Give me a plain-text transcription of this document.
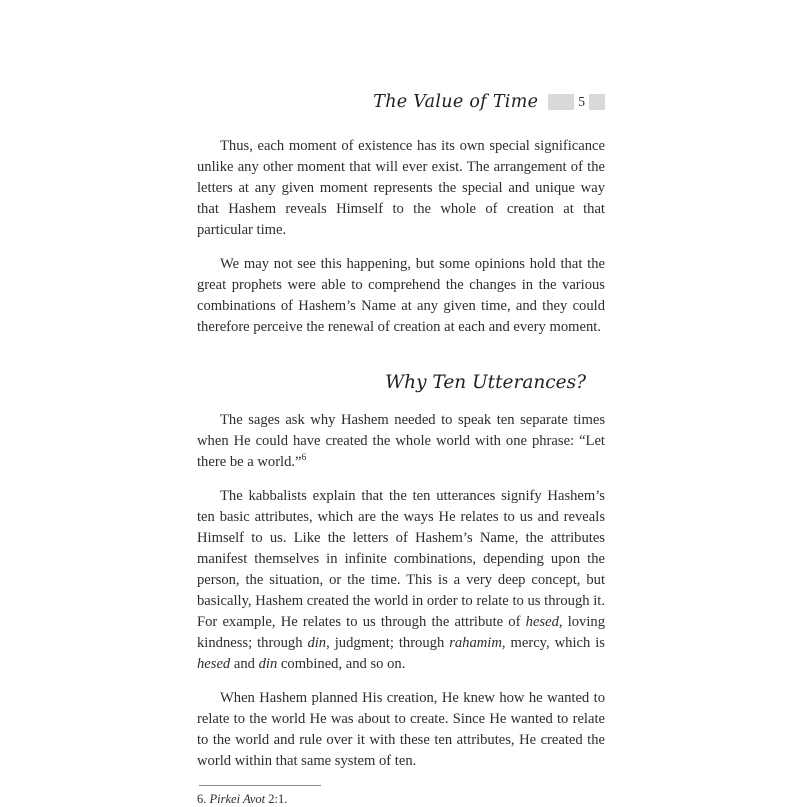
The Value of Time	5

Thus, each moment of existence has its own special significance unlike any other moment that will ever exist. The arrangement of the letters at any given moment represents the special and unique way that Hashem reveals Himself to the whole of creation at that particular time.

We may not see this happening, but some opinions hold that the great prophets were able to comprehend the changes in the various combinations of Hashem’s Name at any given time, and they could therefore perceive the renewal of creation at each and every moment.

Why Ten Utterances?

The sages ask why Hashem needed to speak ten separate times when He could have created the whole world with one phrase: “Let there be a world.”$^6$

The kabbalists explain that the ten utterances signify Hashem’s ten basic attributes, which are the ways He relates to us and reveals Himself to us. Like the letters of Hashem’s Name, the attributes manifest themselves in infinite combinations, depending upon the person, the situation, or the time. This is a very deep concept, but basically, Hashem created the world in order to relate to us through it. For example, He relates to us through the attribute of hesed, loving kindness; through din, judgment; through rahamim, mercy, which is hesed and din combined, and so on.

When Hashem planned His creation, He knew how he wanted to relate to the world He was about to create. Since He wanted to relate to the world and rule over it with these ten attributes, He created the world within that same system of ten.

6. Pirkei Avot 2:1.
